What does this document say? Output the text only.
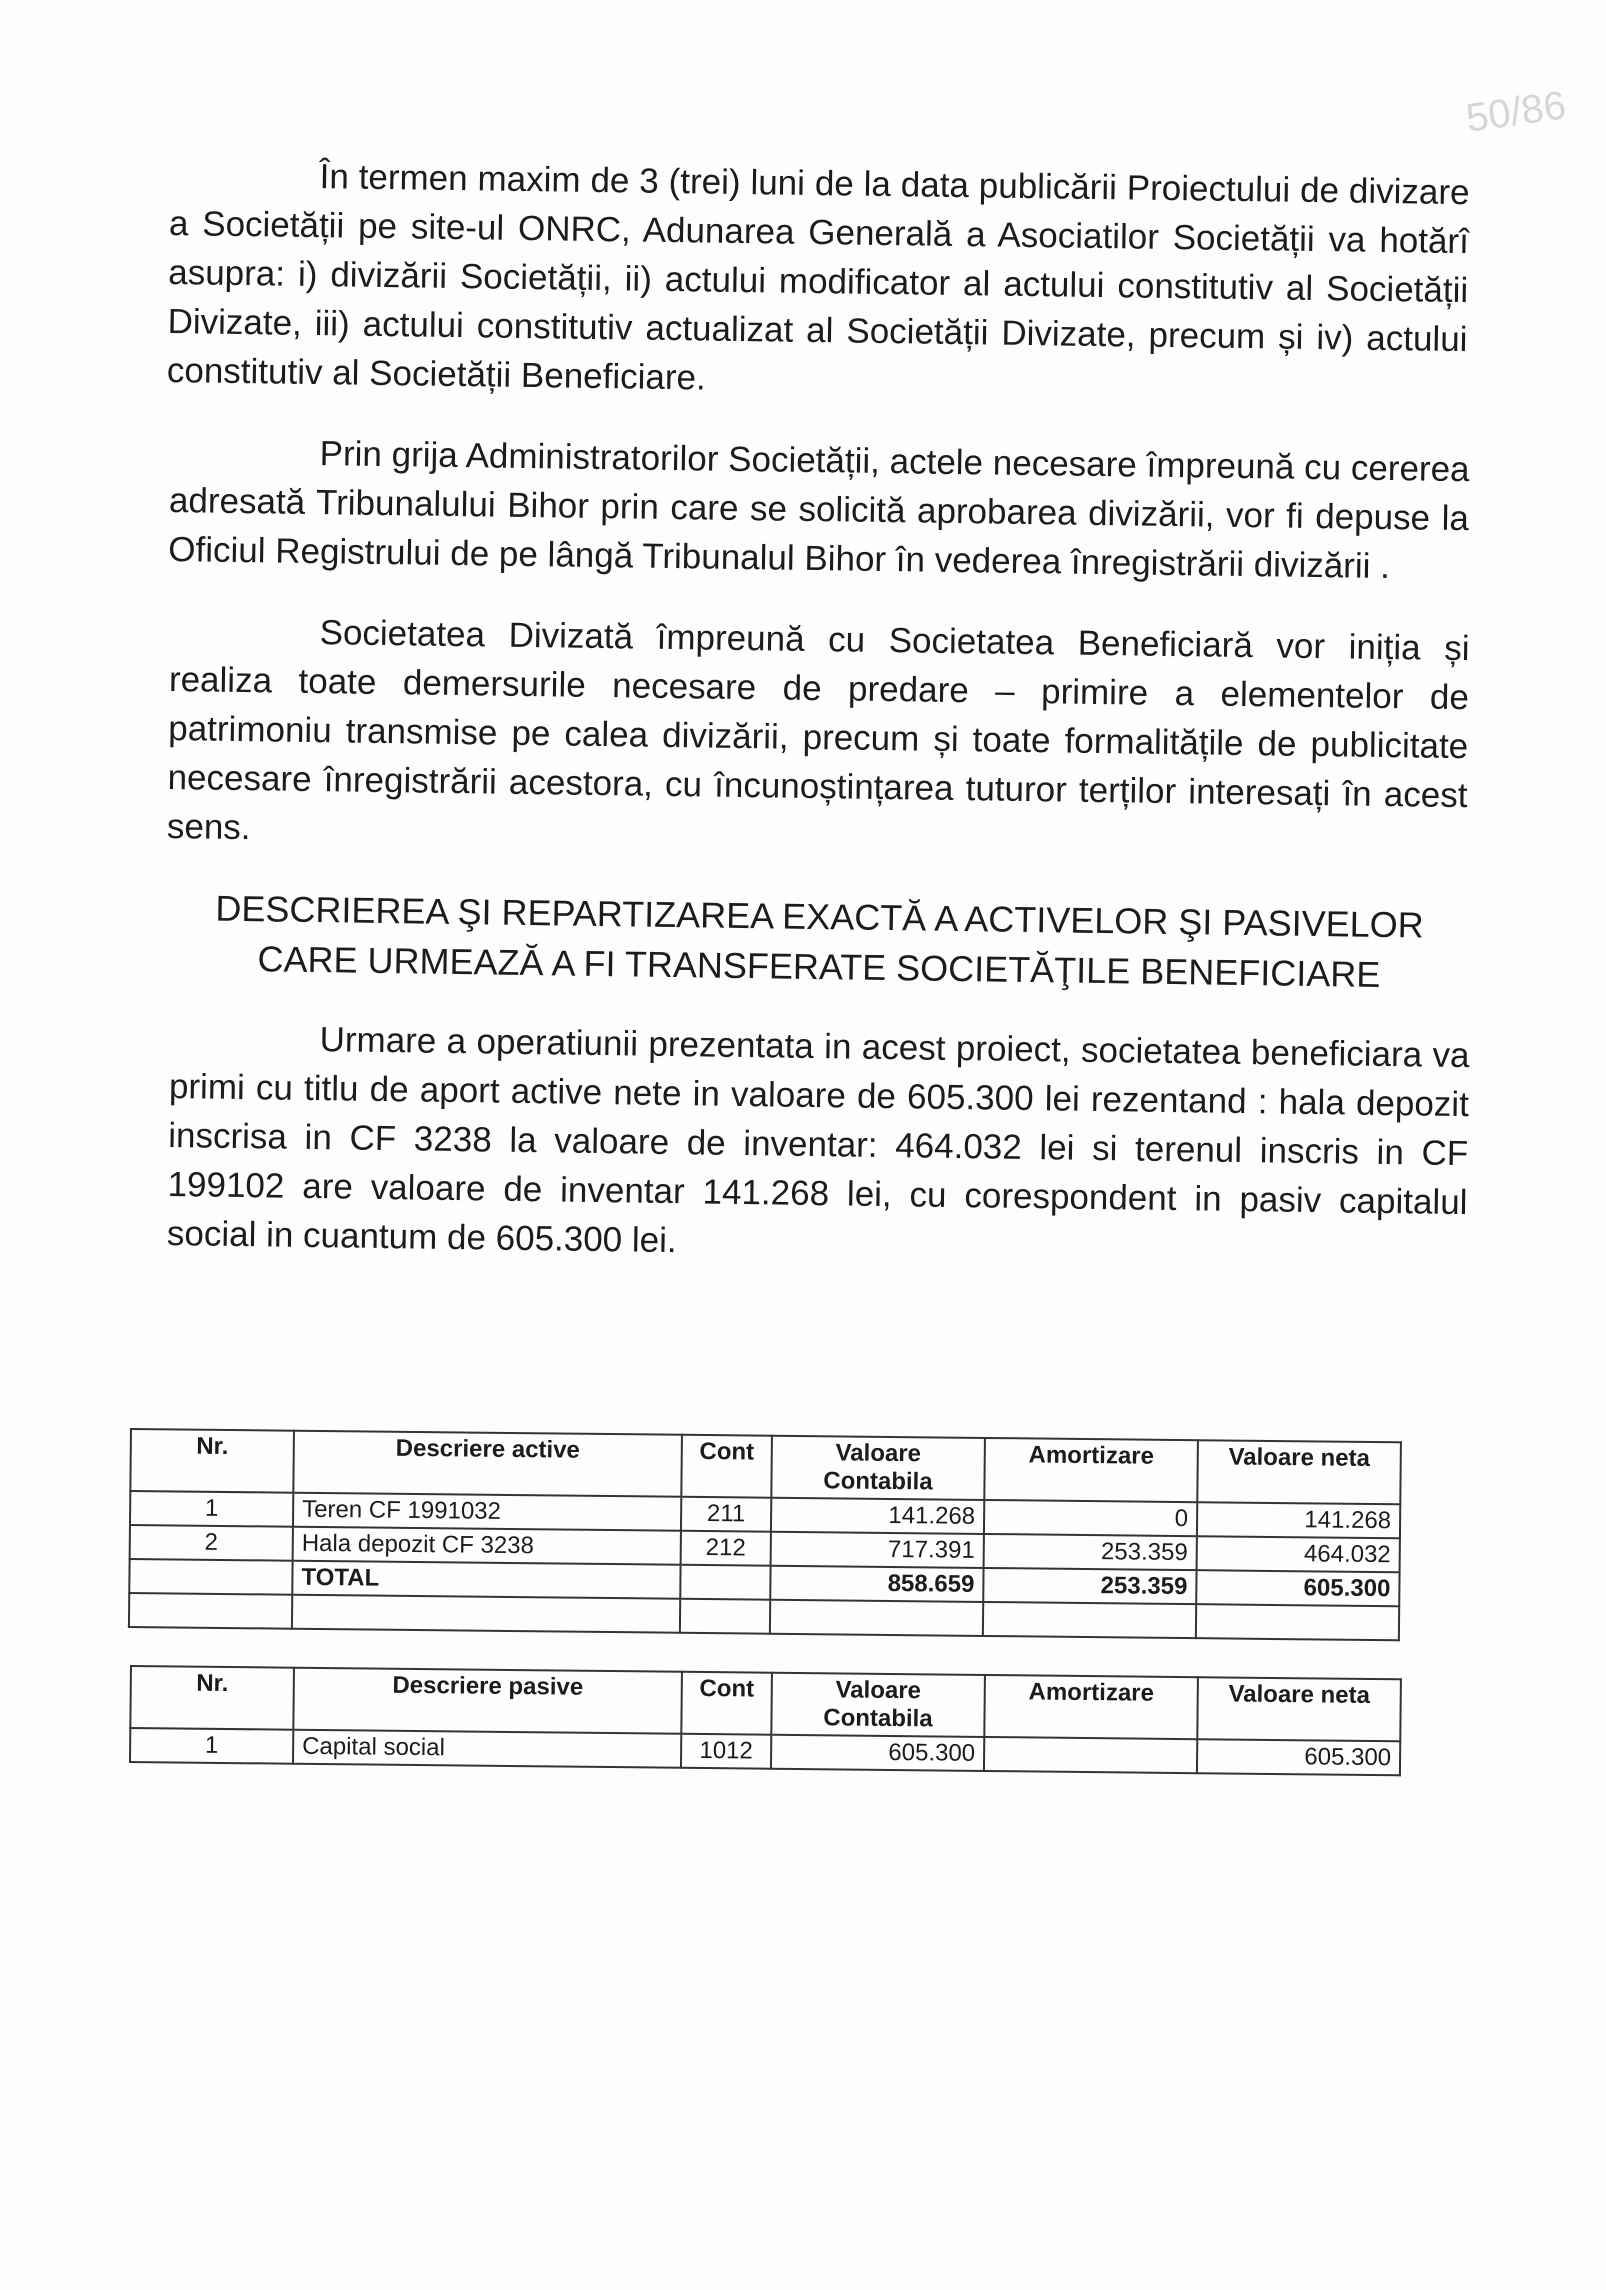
50/86

În termen maxim de 3 (trei) luni de la data publicării Proiectului de divizare a Societății pe site-ul ONRC, Adunarea Generală a Asociatilor Societății va hotărî asupra: i) divizării Societății, ii) actului modificator al actului constitutiv al Societății Divizate, iii) actului constitutiv actualizat al Societății Divizate, precum și iv) actului constitutiv al Societății Beneficiare.

Prin grija Administratorilor Societății, actele necesare împreună cu cererea adresată Tribunalului Bihor prin care se solicită aprobarea divizării, vor fi depuse la Oficiul Registrului de pe lângă Tribunalul Bihor în vederea înregistrării divizării .

Societatea Divizată împreună cu Societatea Beneficiară vor iniția și realiza toate demersurile necesare de predare – primire a elementelor de patrimoniu transmise pe calea divizării, precum și toate formalitățile de publicitate necesare înregistrării acestora, cu încunoștințarea tuturor terților interesați în acest sens.

DESCRIEREA ŞI REPARTIZAREA EXACTĂ A ACTIVELOR ŞI PASIVELOR CARE URMEAZĂ A FI TRANSFERATE SOCIETĂŢILE BENEFICIARE

Urmare a operatiunii prezentata in acest proiect, societatea beneficiara va primi cu titlu de aport active nete in valoare de 605.300 lei rezentand : hala depozit inscrisa in CF 3238 la valoare de inventar: 464.032 lei si terenul inscris in CF 199102 are valoare de inventar 141.268 lei, cu corespondent in pasiv capitalul social in cuantum de 605.300 lei.

Nr.	Descriere active	Cont	Valoare Contabila	Amortizare	Valoare neta
1	Teren CF 1991032	211	141.268	0	141.268
2	Hala depozit CF 3238	212	717.391	253.359	464.032
	TOTAL		858.659	253.359	605.300

Nr.	Descriere pasive	Cont	Valoare Contabila	Amortizare	Valoare neta
1	Capital social	1012	605.300		605.300
